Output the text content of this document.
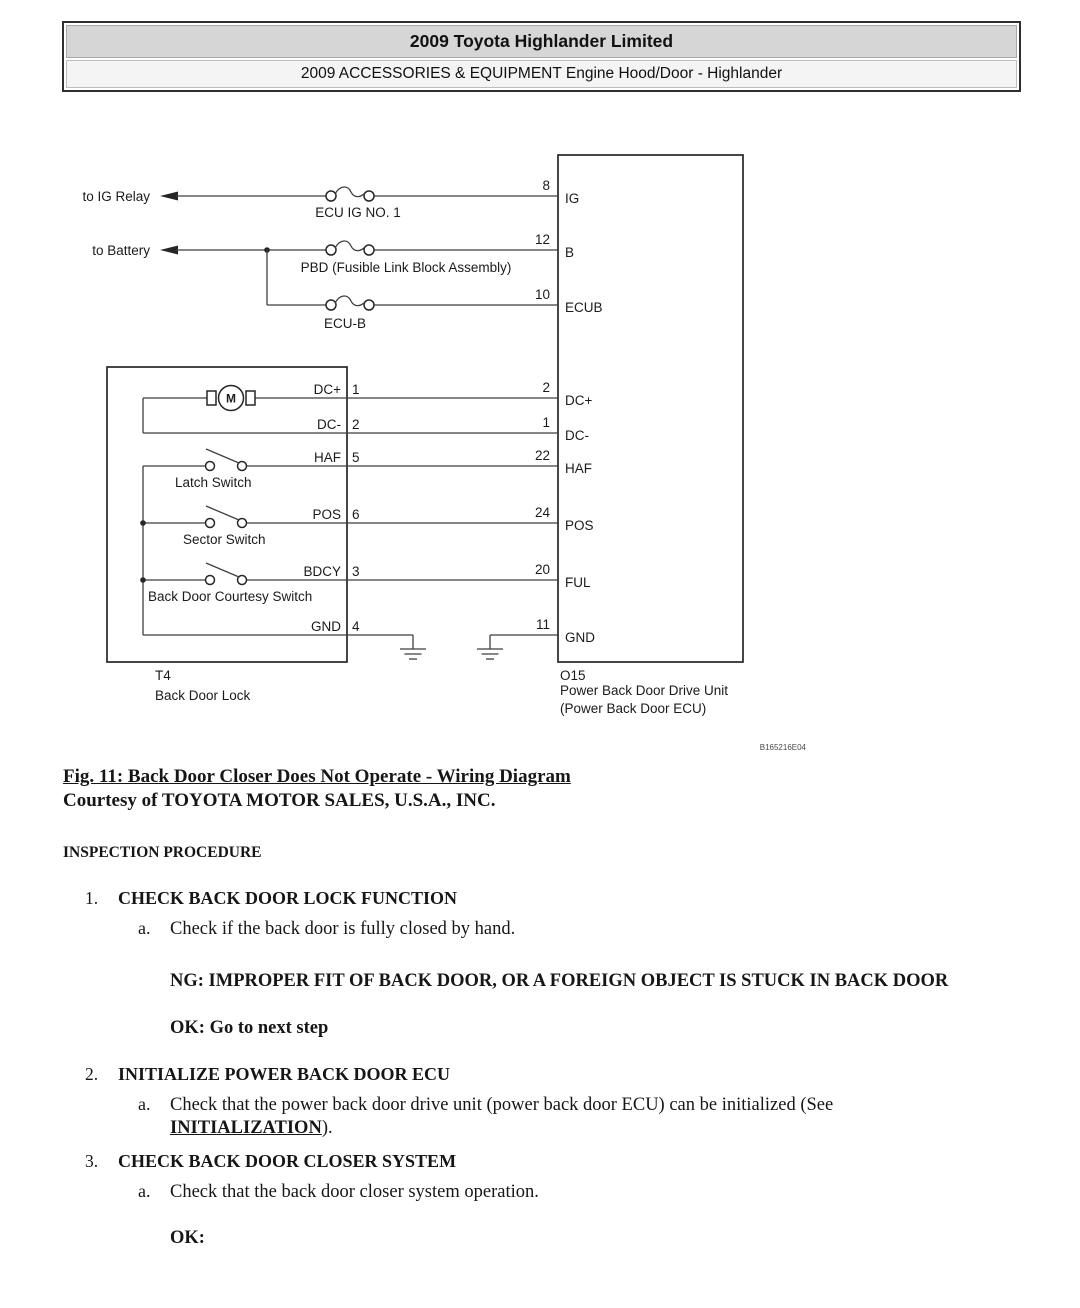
2009 Toyota Highlander Limited
2009 ACCESSORIES & EQUIPMENT Engine Hood/Door - Highlander
to IG Relay
ECU IG NO. 1
to Battery
PBD (Fusible Link Block Assembly)
ECU-B
M
Latch Switch
Sector Switch
Back Door Courtesy Switch
DC+
DC-
HAF
POS
BDCY
GND
1
2
5
6
3
4
8
12
10
2
1
22
24
20
11
IG
B
ECUB
DC+
DC-
HAF
POS
FUL
GND
T4
Back Door Lock
O15
Power Back Door Drive Unit
(Power Back Door ECU)
B165216E04
Fig. 11: Back Door Closer Does Not Operate - Wiring Diagram
Courtesy of TOYOTA MOTOR SALES, U.S.A., INC.
INSPECTION PROCEDURE
1. CHECK BACK DOOR LOCK FUNCTION
a. Check if the back door is fully closed by hand.
NG: IMPROPER FIT OF BACK DOOR, OR A FOREIGN OBJECT IS STUCK IN BACK DOOR
OK: Go to next step
2. INITIALIZE POWER BACK DOOR ECU
a. Check that the power back door drive unit (power back door ECU) can be initialized (See INITIALIZATION).
3. CHECK BACK DOOR CLOSER SYSTEM
a. Check that the back door closer system operation.
OK:
